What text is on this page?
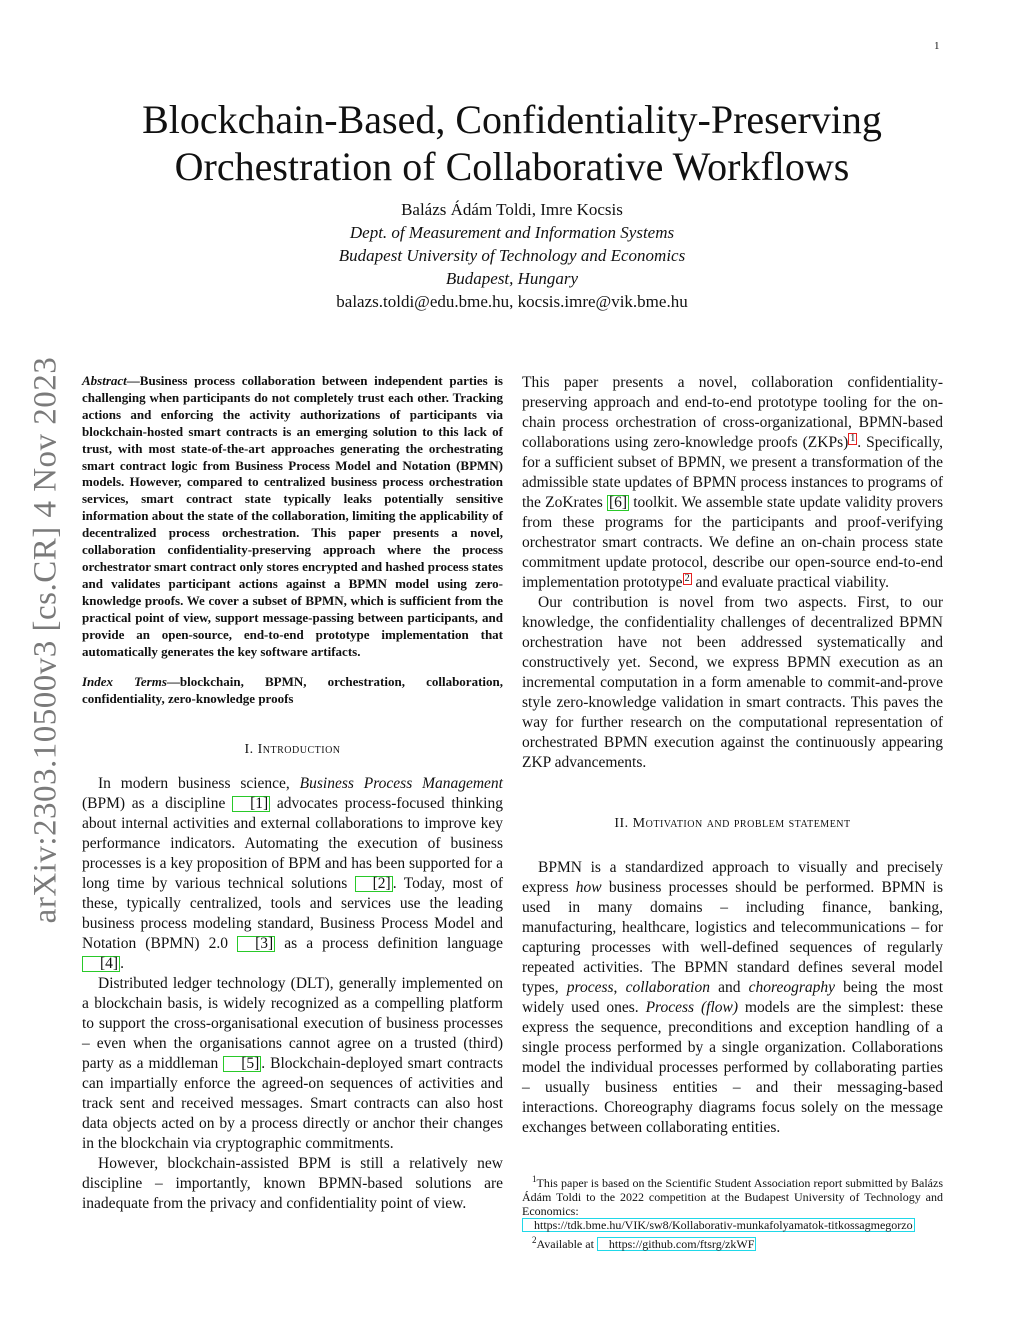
1
arXiv:2303.10500v3 [cs.CR] 4 Nov 2023
Blockchain-Based, Confidentiality-Preserving
Orchestration of Collaborative Workflows
Balázs Ádám Toldi, Imre Kocsis
Dept. of Measurement and Information Systems
Budapest University of Technology and Economics
Budapest, Hungary
balazs.toldi@edu.bme.hu, kocsis.imre@vik.bme.hu

Abstract—Business process collaboration between independent parties is challenging when participants do not completely trust each other. Tracking actions and enforcing the activity authorizations of participants via blockchain-hosted smart contracts is an emerging solution to this lack of trust, with most state-of-the-art approaches generating the orchestrating smart contract logic from Business Process Model and Notation (BPMN) models. However, compared to centralized business process orchestration services, smart contract state typically leaks potentially sensitive information about the state of the collaboration, limiting the applicability of decentralized process orchestration. This paper presents a novel, collaboration confidentiality-preserving approach where the process orchestrator smart contract only stores encrypted and hashed process states and validates participant actions against a BPMN model using zero-knowledge proofs. We cover a subset of BPMN, which is sufficient from the practical point of view, support message-passing between participants, and provide an open-source, end-to-end prototype implementation that automatically generates the key software artifacts.

Index Terms—blockchain, BPMN, orchestration, collaboration, confidentiality, zero-knowledge proofs

I. Introduction

In modern business science, Business Process Management (BPM) as a discipline [1] advocates process-focused thinking about internal activities and external collaborations to improve key performance indicators. Automating the execution of business processes is a key proposition of BPM and has been supported for a long time by various technical solutions [2] . Today, most of these, typically centralized, tools and services use the leading business process modeling standard, Business Process Model and Notation (BPMN) 2.0 [3] as a process definition language [4] .

Distributed ledger technology (DLT), generally implemented on a blockchain basis, is widely recognized as a compelling platform to support the cross-organisational execution of business processes – even when the organisations cannot agree on a trusted (third) party as a middleman [5] . Blockchain-deployed smart contracts can impartially enforce the agreed-on sequences of activities and track sent and received messages. Smart contracts can also host data objects acted on by a process directly or anchor their changes in the blockchain via cryptographic commitments.

However, blockchain-assisted BPM is still a relatively new discipline – importantly, known BPMN-based solutions are inadequate from the privacy and confidentiality point of view.

This paper presents a novel, collaboration confidentiality-preserving approach and end-to-end prototype tooling for the on-chain process orchestration of cross-organizational, BPMN-based collaborations using zero-knowledge proofs (ZKPs) 1 . Specifically, for a sufficient subset of BPMN, we present a transformation of the admissible state updates of BPMN process instances to programs of the ZoKrates [6] toolkit. We assemble state update validity provers from these programs for the participants and proof-verifying orchestrator smart contracts. We define an on-chain process state commitment update protocol, describe our open-source end-to-end implementation prototype 2 and evaluate practical viability.

Our contribution is novel from two aspects. First, to our knowledge, the confidentiality challenges of decentralized BPMN orchestration have not been addressed systematically and constructively yet. Second, we express BPMN execution as an incremental computation in a form amenable to commit-and-prove style zero-knowledge validation in smart contracts. This paves the way for further research on the computational representation of orchestrated BPMN execution against the continuously appearing ZKP advancements.

II. Motivation and problem statement

BPMN is a standardized approach to visually and precisely express how business processes should be performed. BPMN is used in many domains – including finance, banking, manufacturing, healthcare, logistics and telecommunications – for capturing processes with well-defined sequences of regularly repeated activities. The BPMN standard defines several model types, process, collaboration and choreography being the most widely used ones. Process (flow) models are the simplest: these express the sequence, preconditions and exception handling of a single process performed by a single organization. Collaborations model the individual processes performed by collaborating parties – usually business entities – and their messaging-based interactions. Choreography diagrams focus solely on the message exchanges between collaborating entities.

$^1$This paper is based on the Scientific Student Association report submitted by Balázs Ádám Toldi to the 2022 competition at the Budapest University of Technology and Economics: https://tdk.bme.hu/VIK/sw8/Kollaborativ-munkafolyamatok-titkossagmegorzo

$^2$Available at https://github.com/ftsrg/zkWF
